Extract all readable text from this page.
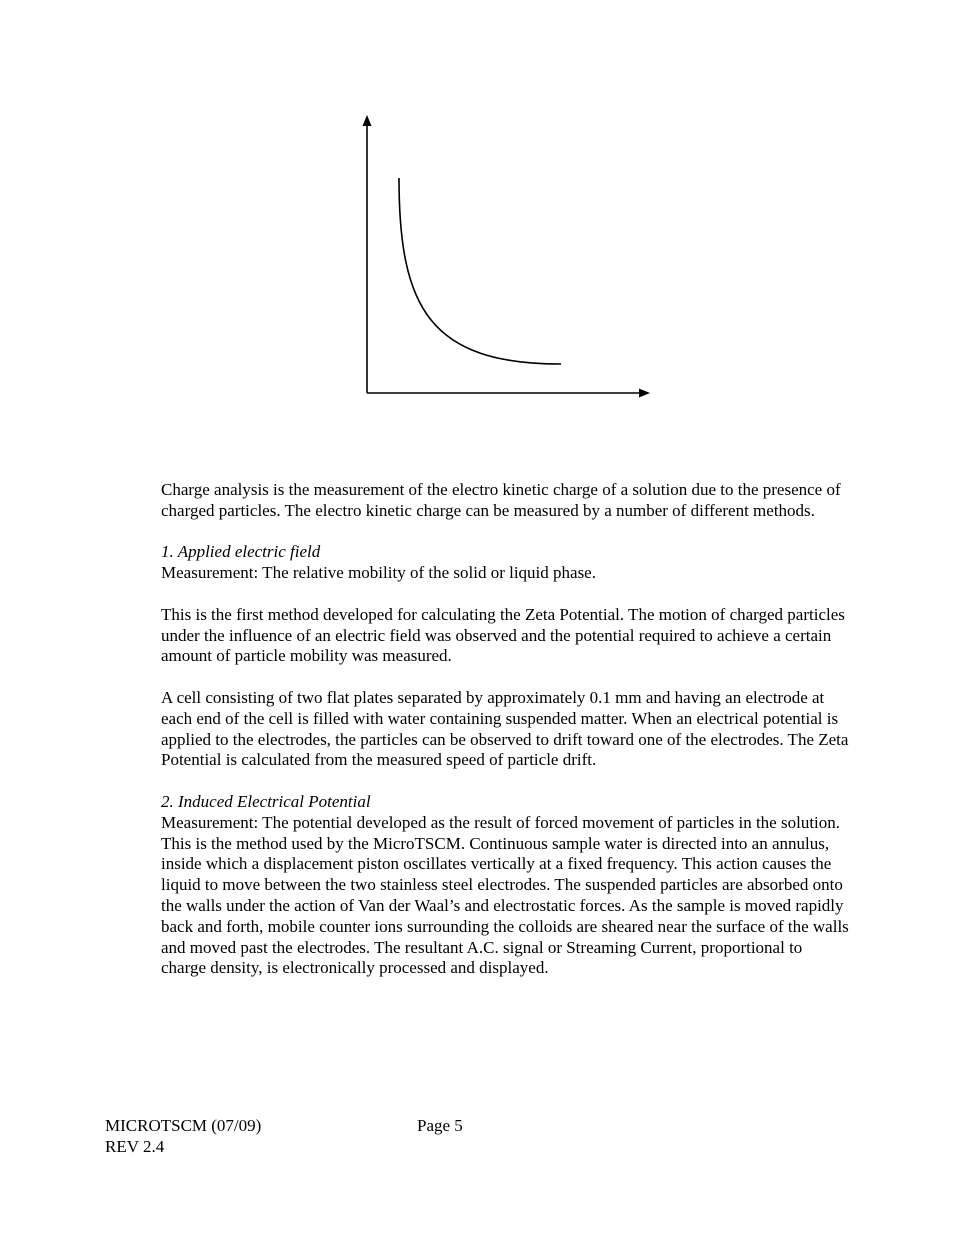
Charge analysis is the measurement of the electro kinetic charge of a solution due to the presence of charged particles. The electro kinetic charge can be measured by a number of different methods.

1. Applied electric field

Measurement: The relative mobility of the solid or liquid phase.

This is the first method developed for calculating the Zeta Potential. The motion of charged particles under the influence of an electric field was observed and the potential required to achieve a certain amount of particle mobility was measured.

A cell consisting of two flat plates separated by approximately 0.1 mm and having an electrode at each end of the cell is filled with water containing suspended matter. When an electrical potential is applied to the electrodes, the particles can be observed to drift toward one of the electrodes. The Zeta Potential is calculated from the measured speed of particle drift.

2. Induced Electrical Potential

Measurement: The potential developed as the result of forced movement of particles in the solution.

This is the method used by the MicroTSCM. Continuous sample water is directed into an annulus, inside which a displacement piston oscillates vertically at a fixed frequency. This action causes the liquid to move between the two stainless steel electrodes. The suspended particles are absorbed onto the walls under the action of Van der Waal’s and electrostatic forces. As the sample is moved rapidly back and forth, mobile counter ions surrounding the colloids are sheared near the surface of the walls and moved past the electrodes. The resultant A.C. signal or Streaming Current, proportional to charge density, is electronically processed and displayed.

MICROTSCM (07/09)
REV 2.4
Page 5
